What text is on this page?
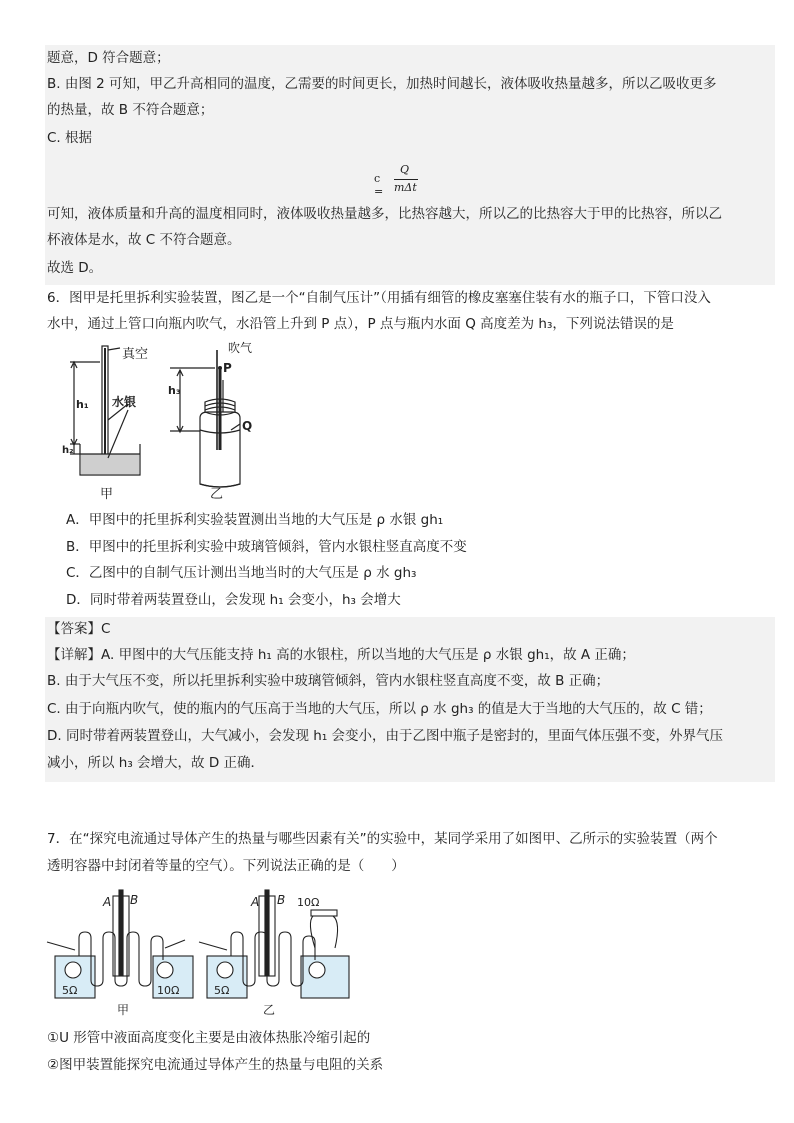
题意，D 符合题意；
B. 由图 2 可知，甲乙升高相同的温度，乙需要的时间更长，加热时间越长，液体吸收热量越多，所以乙吸收更多
的热量，故 B 不符合题意；
C. 根据
c =
Q
mΔt
可知，液体质量和升高的温度相同时，液体吸收热量越多，比热容越大，所以乙的比热容大于甲的比热容，所以乙
杯液体是水，故 C 不符合题意。
故选 D。
6．图甲是托里拆利实验装置，图乙是一个“自制气压计”（用插有细管的橡皮塞塞住装有水的瓶子口，下管口没入
水中，通过上管口向瓶内吹气，水沿管上升到 P 点），P 点与瓶内水面 Q 高度差为 h₃，下列说法错误的是
真空
水银
h₁
h₂
甲
吹气
P
h₃
Q
乙
A．甲图中的托里拆利实验装置测出当地的大气压是 ρ 水银 gh₁
B．甲图中的托里拆利实验中玻璃管倾斜，管内水银柱竖直高度不变
C．乙图中的自制气压计测出当地当时的大气压是 ρ 水 gh₃
D．同时带着两装置登山，会发现 h₁ 会变小，h₃ 会增大
【答案】C
【详解】A. 甲图中的大气压能支持 h₁ 高的水银柱，所以当地的大气压是 ρ 水银 gh₁，故 A 正确；
B. 由于大气压不变，所以托里拆利实验中玻璃管倾斜，管内水银柱竖直高度不变，故 B 正确；
C. 由于向瓶内吹气，使的瓶内的气压高于当地的大气压，所以 ρ 水 gh₃ 的值是大于当地的大气压的，故 C 错；
D. 同时带着两装置登山，大气减小，会发现 h₁ 会变小，由于乙图中瓶子是密封的，里面气体压强不变，外界气压
减小，所以 h₃ 会增大，故 D 正确．
7．在“探究电流通过导体产生的热量与哪些因素有关”的实验中，某同学采用了如图甲、乙所示的实验装置（两个
透明容器中封闭着等量的空气）。下列说法正确的是（　　）
A B
5Ω	10Ω
甲
A B 10Ω
5Ω
乙
①U 形管中液面高度变化主要是由液体热胀冷缩引起的
②图甲装置能探究电流通过导体产生的热量与电阻的关系
